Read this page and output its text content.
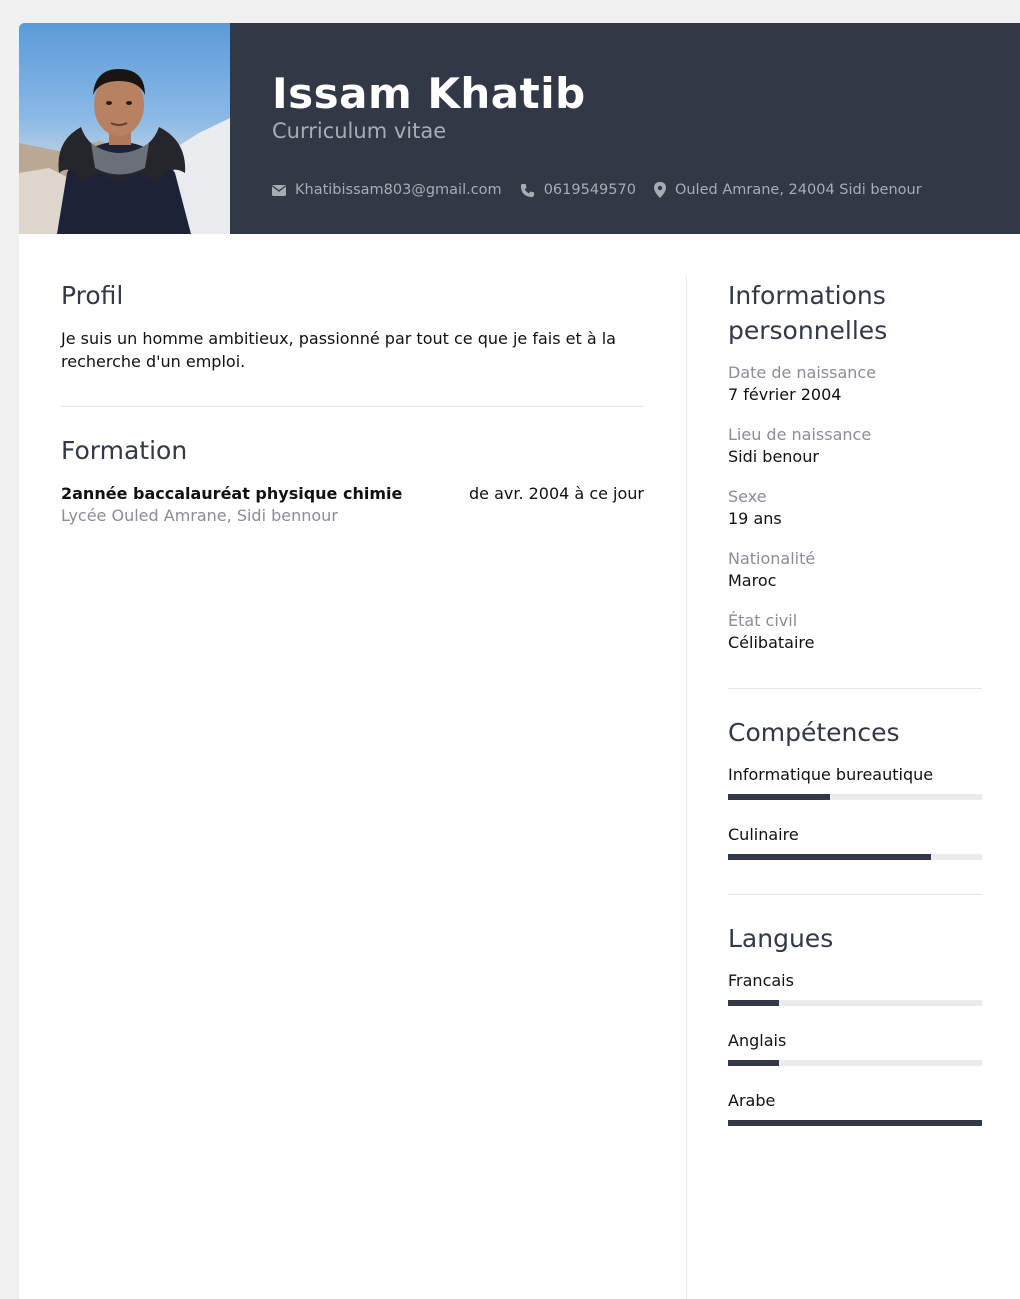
Issam Khatib
Curriculum vitae
Khatibissam803@gmail.com	0619549570	Ouled Amrane, 24004 Sidi benour
Profil
Je suis un homme ambitieux, passionné par tout ce que je fais et à la recherche d'un emploi.
Formation
2année baccalauréat physique chimie	de avr. 2004 à ce jour
Lycée Ouled Amrane, Sidi bennour
Informations personnelles
Date de naissance
7 février 2004
Lieu de naissance
Sidi benour
Sexe
19 ans
Nationalité
Maroc
État civil
Célibataire
Compétences
Informatique bureautique
Culinaire
Langues
Francais
Anglais
Arabe
